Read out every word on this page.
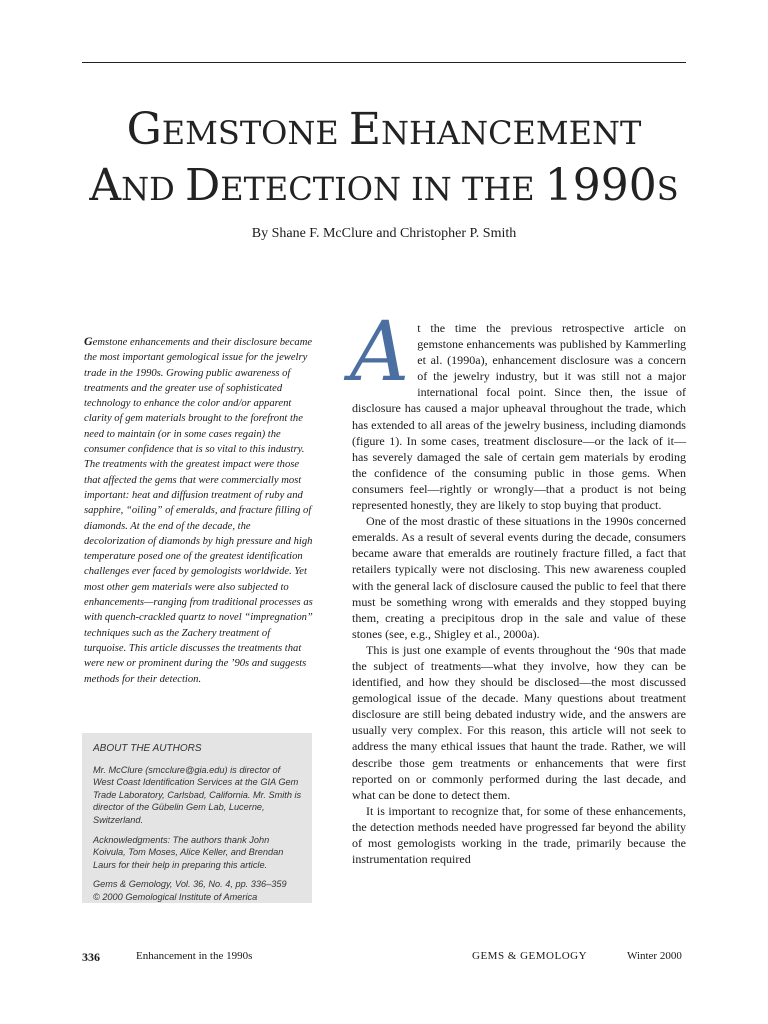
GEMSTONE ENHANCEMENT
AND DETECTION IN THE 1990S
By Shane F. McClure and Christopher P. Smith
Gemstone enhancements and their disclosure became the most important gemological issue for the jewelry trade in the 1990s. Growing public awareness of treatments and the greater use of sophisticated technology to enhance the color and/or apparent clarity of gem materials brought to the forefront the need to maintain (or in some cases regain) the consumer confidence that is so vital to this industry. The treatments with the greatest impact were those that affected the gems that were commercially most important: heat and diffusion treatment of ruby and sapphire, “oiling” of emeralds, and fracture filling of diamonds. At the end of the decade, the decolorization of diamonds by high pressure and high temperature posed one of the greatest identification challenges ever faced by gemologists worldwide. Yet most other gem materials were also subjected to enhancements—ranging from traditional processes as with quench-crackled quartz to novel “impregnation” techniques such as the Zachery treatment of turquoise. This article discusses the treatments that were new or prominent during the ’90s and suggests methods for their detection.

ABOUT THE AUTHORS

Mr. McClure (smcclure@gia.edu) is director of West Coast Identification Services at the GIA Gem Trade Laboratory, Carlsbad, California. Mr. Smith is director of the Gübelin Gem Lab, Lucerne, Switzerland.

Acknowledgments: The authors thank John Koivula, Tom Moses, Alice Keller, and Brendan Laurs for their help in preparing this article.

Gems & Gemology, Vol. 36, No. 4, pp. 336–359

© 2000 Gemological Institute of America

A t the time the previous retrospective article on gemstone enhancements was published by Kammerling et al. (1990a), enhancement disclosure was a concern of the jewelry industry, but it was still not a major international focal point. Since then, the issue of disclosure has caused a major upheaval throughout the trade, which has extended to all areas of the jewelry business, including diamonds (figure 1). In some cases, treatment disclosure—or the lack of it—has severely damaged the sale of certain gem materials by eroding the confidence of the consuming public in those gems. When consumers feel—rightly or wrongly—that a product is not being represented honestly, they are likely to stop buying that product.

One of the most drastic of these situations in the 1990s concerned emeralds. As a result of several events during the decade, consumers became aware that emeralds are routinely fracture filled, a fact that retailers typically were not disclosing. This new awareness coupled with the general lack of disclosure caused the public to feel that there must be something wrong with emeralds and they stopped buying them, creating a precipitous drop in the sale and value of these stones (see, e.g., Shigley et al., 2000a).

This is just one example of events throughout the ‘90s that made the subject of treatments—what they involve, how they can be identified, and how they should be disclosed—the most discussed gemological issue of the decade. Many questions about treatment disclosure are still being debated industry wide, and the answers are usually very complex. For this reason, this article will not seek to address the many ethical issues that haunt the trade. Rather, we will describe those gem treatments or enhancements that were first reported on or commonly performed during the last decade, and what can be done to detect them.

It is important to recognize that, for some of these enhancements, the detection methods needed have progressed far beyond the ability of most gemologists working in the trade, primarily because the instrumentation required

336	Enhancement in the 1990s	GEMS & GEMOLOGY	Winter 2000
